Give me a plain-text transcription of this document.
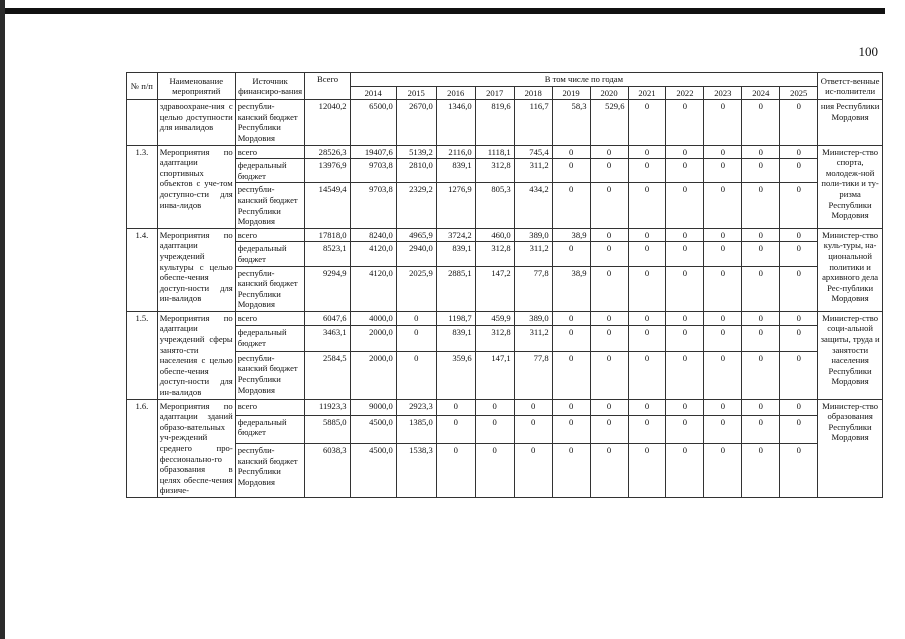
100
№ п/п	Наименование мероприятий	Источник финансиро-вания	Всего	В том числе по годам												Ответст-венные ис-полнители
				2014	2015	2016	2017	2018	2019	2020	2021	2022	2023	2024	2025	
	здравоохране-ния с целью доступности для инвалидов	республи-канский бюджет Республики Мордовия	12040,2	6500,0	2670,0	1346,0	819,6	116,7	58,3	529,6	0	0	0	0	0	ния Республики Мордовия
1.3.	Мероприятия по адаптации спортивных объектов с уче-том доступно-сти для инва-лидов	всего	28526,3	19407,6	5139,2	2116,0	1118,1	745,4	0	0	0	0	0	0	0	Министер-ство спорта, молодеж-ной поли-тики и ту-ризма Республики Мордовия
		федеральный бюджет	13976,9	9703,8	2810,0	839,1	312,8	311,2	0	0	0	0	0	0	0	
		республи-канский бюджет Республики Мордовия	14549,4	9703,8	2329,2	1276,9	805,3	434,2	0	0	0	0	0	0	0	
1.4.	Мероприятия по адаптации учреждений культуры с целью обеспе-чения доступ-ности для ин-валидов	всего	17818,0	8240,0	4965,9	3724,2	460,0	389,0	38,9	0	0	0	0	0	0	Министер-ство куль-туры, на-циональной политики и архивного дела Рес-публики Мордовия
		федеральный бюджет	8523,1	4120,0	2940,0	839,1	312,8	311,2	0	0	0	0	0	0	0	
		республи-канский бюджет Республики Мордовия	9294,9	4120,0	2025,9	2885,1	147,2	77,8	38,9	0	0	0	0	0	0	
1.5.	Мероприятия по адаптации учреждений сферы занято-сти населения с целью обеспе-чения доступ-ности для ин-валидов	всего	6047,6	4000,0	0	1198,7	459,9	389,0	0	0	0	0	0	0	0	Министер-ство соци-альной защиты, труда и занятости населения Республики Мордовия
		федеральный бюджет	3463,1	2000,0	0	839,1	312,8	311,2	0	0	0	0	0	0	0	
		республи-канский бюджет Республики Мордовия	2584,5	2000,0	0	359,6	147,1	77,8	0	0	0	0	0	0	0	
1.6.	Мероприятия по адаптации зданий образо-вательных уч-реждений среднего про-фессионально-го образования в целях обеспе-чения физиче-	всего	11923,3	9000,0	2923,3	0	0	0	0	0	0	0	0	0	0	Министер-ство образования Республики Мордовия
		федеральный бюджет	5885,0	4500,0	1385,0	0	0	0	0	0	0	0	0	0	0	
		республи-канский бюджет Республики Мордовия	6038,3	4500,0	1538,3	0	0	0	0	0	0	0	0	0	0	
